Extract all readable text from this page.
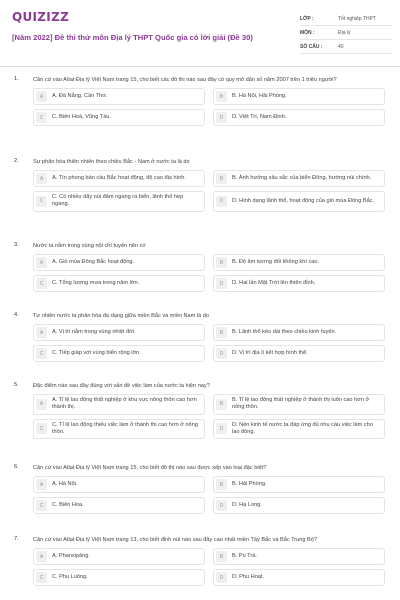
QUIZIZZ
[Năm 2022] Đề thi thử môn Địa lý THPT Quốc gia có lời giải (Đề 30)
LỚP :	Tốt nghiệp THPT
MÔN :	Địa lý
SỐ CÂU :	40
1.	Căn cứ vào Atlat Địa lý Việt Nam trang 15, cho biết các đô thị nào sau đây có quy mô dân số năm 2007 trên 1 triệu người?
A	A. Đà Nẵng, Cần Thơ.	B	B. Hà Nội, Hải Phòng.
C	C. Biên Hoà, Vũng Tàu.	D	D. Việt Trì, Nam Định.
2.	Sự phân hóa thiên nhiên theo chiều Bắc - Nam ở nước ta là do
A	A. Tín phong bán cầu Bắc hoạt động, độ cao địa hình.	B	B. Ảnh hưởng sâu sắc của biển Đông, hướng núi chính.
C
C. Có nhiều dãy núi đâm ngang ra biển, lãnh thổ hẹp ngang.	D	D. Hình dạng lãnh thổ, hoạt động của gió mùa Đông Bắc.
3.	Nước ta nằm trong vùng nội chí tuyến nên có
A	A. Gió mùa Đông Bắc hoạt động.	B	B. Độ ẩm tương đối không khí cao.
C	C. Tổng lượng mưa trong năm lớn.	D	D. Hai lần Mặt Trời lên thiên đỉnh.
4.	Tự nhiên nước ta phân hóa đa dạng giữa miền Bắc và miền Nam là do
A	A. Vị trí nằm trong vùng nhiệt đới.	B	B. Lãnh thổ kéo dài theo chiều kinh tuyến.
C	C. Tiếp giáp với vùng biển rộng lớn.	D	D. Vị trí địa lí kết hợp hình thể.
5.	Đặc điểm nào sau đây đúng với vấn đề việc làm của nước ta hiện nay?
A
A. Tỉ lệ lao động thất nghiệp ở khu vực nông thôn cao hơn thành thị.	B
B. Tỉ lệ lao động thất nghiệp ở thành thị luôn cao hơn ở nông thôn.
C
C. Tỉ lệ lao động thiếu việc làm ở thành thị cao hơn ở nông thôn.	D
D. Nền kinh tế nước ta đáp ứng đủ nhu cầu việc làm cho lao động.
6.	Căn cứ vào Atlat Địa lý Việt Nam trang 15, cho biết đô thị nào sau được xếp vào loại đặc biệt?
A	A. Hà Nội.	B	B. Hải Phòng.
C	C. Biên Hoa.	D	D. Hạ Long.
7.	Căn cứ vào Atlat Địa lý Việt Nam trang 13, cho biết đỉnh núi nào sau đây cao nhất miền Tây Bắc và Bắc Trung Bộ?
A	A. Phanxipăng.	B	B. Pu Trà.
C	C. Phu Luông.	D	D. Phu Hoạt.
